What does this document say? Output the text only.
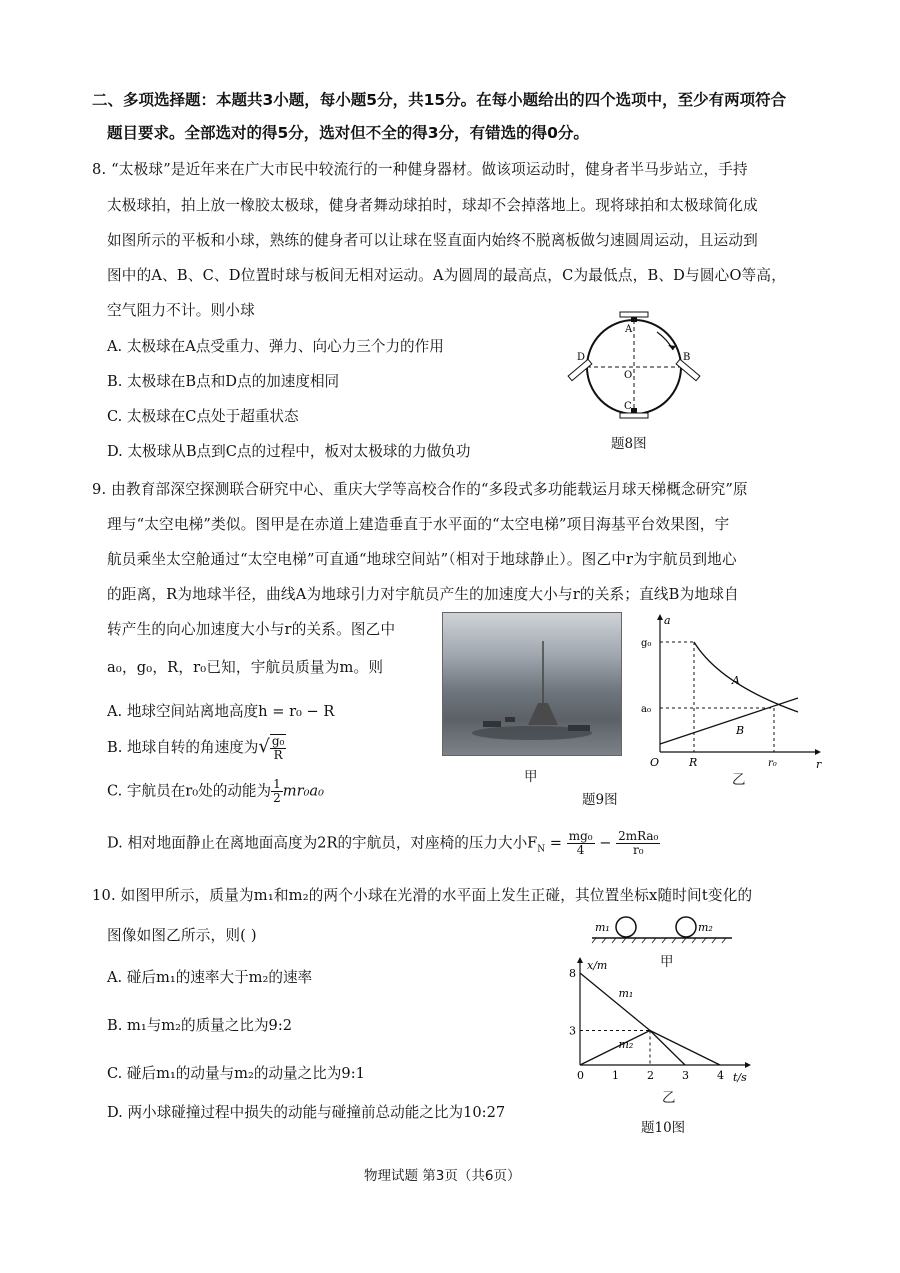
二、多项选择题：本题共3小题，每小题5分，共15分。在每小题给出的四个选项中，至少有两项符合
题目要求。全部选对的得5分，选对但不全的得3分，有错选的得0分。
8. “太极球”是近年来在广大市民中较流行的一种健身器材。做该项运动时，健身者半马步站立，手持
太极球拍，拍上放一橡胶太极球，健身者舞动球拍时，球却不会掉落地上。现将球拍和太极球简化成
如图所示的平板和小球，熟练的健身者可以让球在竖直面内始终不脱离板做匀速圆周运动，且运动到
图中的A、B、C、D位置时球与板间无相对运动。A为圆周的最高点，C为最低点，B、D与圆心O等高，
空气阻力不计。则小球
A. 太极球在A点受重力、弹力、向心力三个力的作用
B. 太极球在B点和D点的加速度相同
C. 太极球在C点处于超重状态
D. 太极球从B点到C点的过程中，板对太极球的力做负功
A
B
C
D
O
题8图
9. 由教育部深空探测联合研究中心、重庆大学等高校合作的“多段式多功能载运月球天梯概念研究”原
理与“太空电梯”类似。图甲是在赤道上建造垂直于水平面的“太空电梯”项目海基平台效果图，宇
航员乘坐太空舱通过“太空电梯”可直通“地球空间站”（相对于地球静止）。图乙中r为宇航员到地心
的距离，R为地球半径，曲线A为地球引力对宇航员产生的加速度大小与r的关系；直线B为地球自
转产生的向心加速度大小与r的关系。图乙中
a₀，g₀，R，r₀已知，宇航员质量为m。则
A. 地球空间站离地高度h = r₀ − R
B. 地球自转的角速度为√ $\frac{\text{g₀}}{R}$
C. 宇航员在r₀处的动能为 $\frac{1}{2} mr_0a_0$
D. 相对地面静止在离地面高度为2R的宇航员，对座椅的压力大小$F_N = \frac{\text{mg₀}}{4} - \frac{\text{2mRa₀}}{\text{r₀}}$
甲
a
r
g₀
a₀
O	R	r₀
A
B
乙
题9图
10. 如图甲所示，质量为m₁和m₂的两个小球在光滑的水平面上发生正碰，其位置坐标x随时间t变化的
图像如图乙所示，则( )
A. 碰后m₁的速率大于m₂的速率
B. m₁与m₂的质量之比为9:2
C. 碰后m₁的动量与m₂的动量之比为9:1
D. 两小球碰撞过程中损失的动能与碰撞前总动能之比为10:27
m₁	m₂
甲
x/m
t/s
0	1	2	3	4
8
3
m₁
m₂
乙
题10图
物理试题 第3页（共6页）
